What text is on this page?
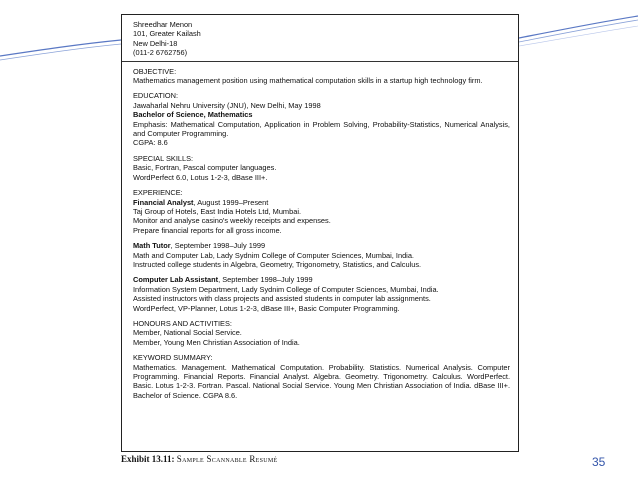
Shreedhar Menon
101, Greater Kailash
New Delhi-18
(011-2 6762756)
OBJECTIVE:
Mathematics management position using mathematical computation skills in a startup high technology firm.
EDUCATION:
Jawaharlal Nehru University (JNU), New Delhi, May 1998
Bachelor of Science, Mathematics
Emphasis: Mathematical Computation, Application in Problem Solving, Probability-Statistics, Numerical Analysis, and Computer Programming.
CGPA: 8.6
SPECIAL SKILLS:
Basic, Fortran, Pascal computer languages.
WordPerfect 6.0, Lotus 1-2-3, dBase III+.
EXPERIENCE:
Financial Analyst, August 1999–Present
Taj Group of Hotels, East India Hotels Ltd, Mumbai.
Monitor and analyse casino's weekly receipts and expenses.
Prepare financial reports for all gross income.
Math Tutor, September 1998–July 1999
Math and Computer Lab, Lady Sydnim College of Computer Sciences, Mumbai, India.
Instructed college students in Algebra, Geometry, Trigonometry, Statistics, and Calculus.
Computer Lab Assistant, September 1998–July 1999
Information System Department, Lady Sydnim College of Computer Sciences, Mumbai, India.
Assisted instructors with class projects and assisted students in computer lab assignments.
WordPerfect, VP-Planner, Lotus 1-2-3, dBase III+, Basic Computer Programming.
HONOURS AND ACTIVITIES:
Member, National Social Service.
Member, Young Men Christian Association of India.
KEYWORD SUMMARY:
Mathematics. Management. Mathematical Computation. Probability. Statistics. Numerical Analysis. Computer Programming. Financial Reports. Financial Analyst. Algebra. Geometry. Trigonometry. Calculus. WordPerfect. Basic. Lotus 1-2-3. Fortran. Pascal. National Social Service. Young Men Christian Association of India. dBase III+. Bachelor of Science. CGPA 8.6.
Exhibit 13.11: Sample Scannable Resumé	35
